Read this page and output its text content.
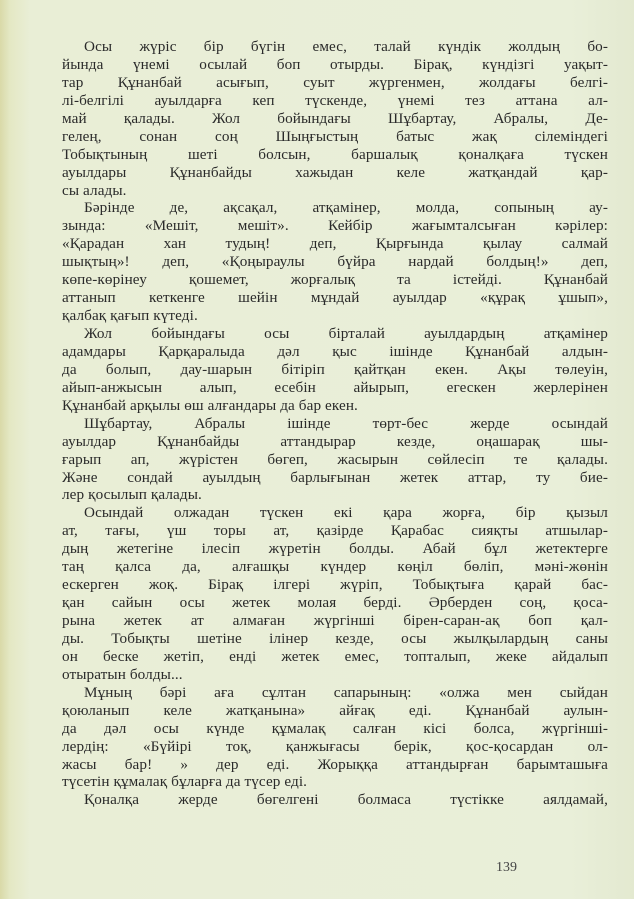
Осы жүріс бір бүгін емес, талай күндік жолдың бо-
йында үнемі осылай боп отырды. Бірақ, күндізгі уақыт-
тар Құнанбай асығып, суыт жүргенмен, жолдағы белгі-
лі-белгілі ауылдарға кеп түскенде, үнемі тез аттана ал-
май қалады. Жол бойындағы Шұбартау, Абралы, Де-
гелең, сонан соң Шыңғыстың батыс жақ сілеміндегі
Тобықтының шеті болсын, баршалық қоналқаға түскен
ауылдары Құнанбайды хажыдан келе жатқандай қар-
сы алады.
Бәрінде де, ақсақал, атқамінер, молда, сопының ау-
зында: «Мешіт, мешіт». Кейбір жағымталсыған кәрілер:
«Қарадан хан тудың! деп, Қырғында қылау салмай
шықтың»! деп, «Қоңыраулы бүйра нардай болдың!» деп,
көпе-көрінеу қошемет, жорғалық та істейді. Құнанбай
аттанып кеткенге шейін мұндай ауылдар «құрақ ұшып»,
қалбақ қағып күтеді.
Жол бойындағы осы бірталай ауылдардың атқамінер
адамдары Қарқаралыда дәл қыс ішінде Құнанбай алдын-
да болып, дау-шарын бітіріп қайтқан екен. Ақы төлеуін,
айып-анжысын алып, есебін айырып, егескен жерлерінен
Құнанбай арқылы өш алғандары да бар екен.
Шұбартау, Абралы ішінде төрт-бес жерде осындай
ауылдар Құнанбайды аттандырар кезде, оңашарақ шы-
ғарып ап, жүрістен бөгеп, жасырын сөйлесіп те қалады.
Және сондай ауылдың барлығынан жетек аттар, ту бие-
лер қосылып қалады.
Осындай олжадан түскен екі қара жорға, бір қызыл
ат, тағы, үш торы ат, қазірде Қарабас сияқты атшылар-
дың жетегіне ілесіп жүретін болды. Абай бұл жетектерге
таң қалса да, алғашқы күндер көңіл бөліп, мәні-жөнін
ескерген жоқ. Бірақ ілгері жүріп, Тобықтыға қарай бас-
қан сайын осы жетек молая берді. Әрберден соң, қоса-
рына жетек ат алмаған жүргінші бірен-саран-ақ боп қал-
ды. Тобықты шетіне ілінер кезде, осы жылқылардың саны
он беске жетіп, енді жетек емес, топталып, жеке айдалып
отыратын болды...
Мұның бәрі аға сұлтан сапарының: «олжа мен сыйдан
қоюланып келе жатқанына» айғақ еді. Құнанбай аулын-
да дәл осы күнде құмалақ салған кісі болса, жүргінші-
лердің: «Бүйірі тоқ, қанжығасы берік, қос-қосардан ол-
жасы бар! » дер еді. Жорыққа аттандырған барымташыға
түсетін құмалақ бұларға да түсер еді.
Қоналқа жерде бөгелгені болмаса түстікке аялдамай,
139
